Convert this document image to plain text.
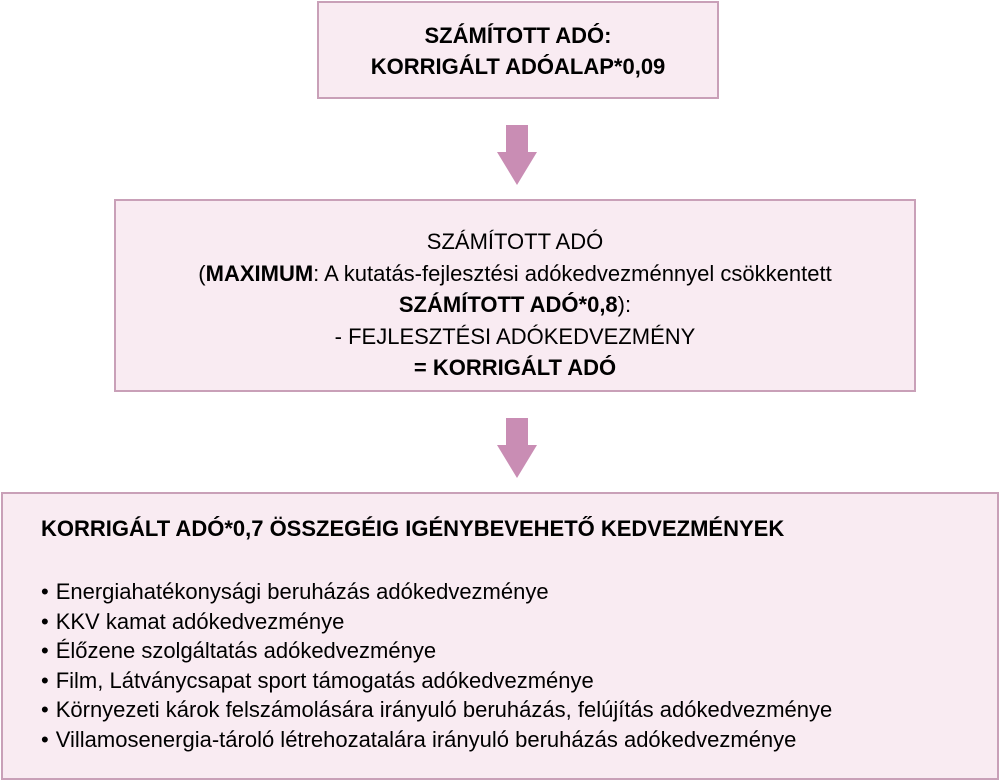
SZÁMÍTOTT ADÓ:
KORRIGÁLT ADÓALAP*0,09
SZÁMÍTOTT ADÓ
(MAXIMUM: A kutatás-fejlesztési adókedvezménnyel csökkentett
SZÁMÍTOTT ADÓ*0,8):
- FEJLESZTÉSI ADÓKEDVEZMÉNY
= KORRIGÁLT ADÓ
KORRIGÁLT ADÓ*0,7 ÖSSZEGÉIG IGÉNYBEVEHETŐ KEDVEZMÉNYEK
• Energiahatékonysági beruházás adókedvezménye
• KKV kamat adókedvezménye
• Élőzene szolgáltatás adókedvezménye
• Film, Látványcsapat sport támogatás adókedvezménye
• Környezeti károk felszámolására irányuló beruházás, felújítás adókedvezménye
• Villamosenergia-tároló létrehozatalára irányuló beruházás adókedvezménye
